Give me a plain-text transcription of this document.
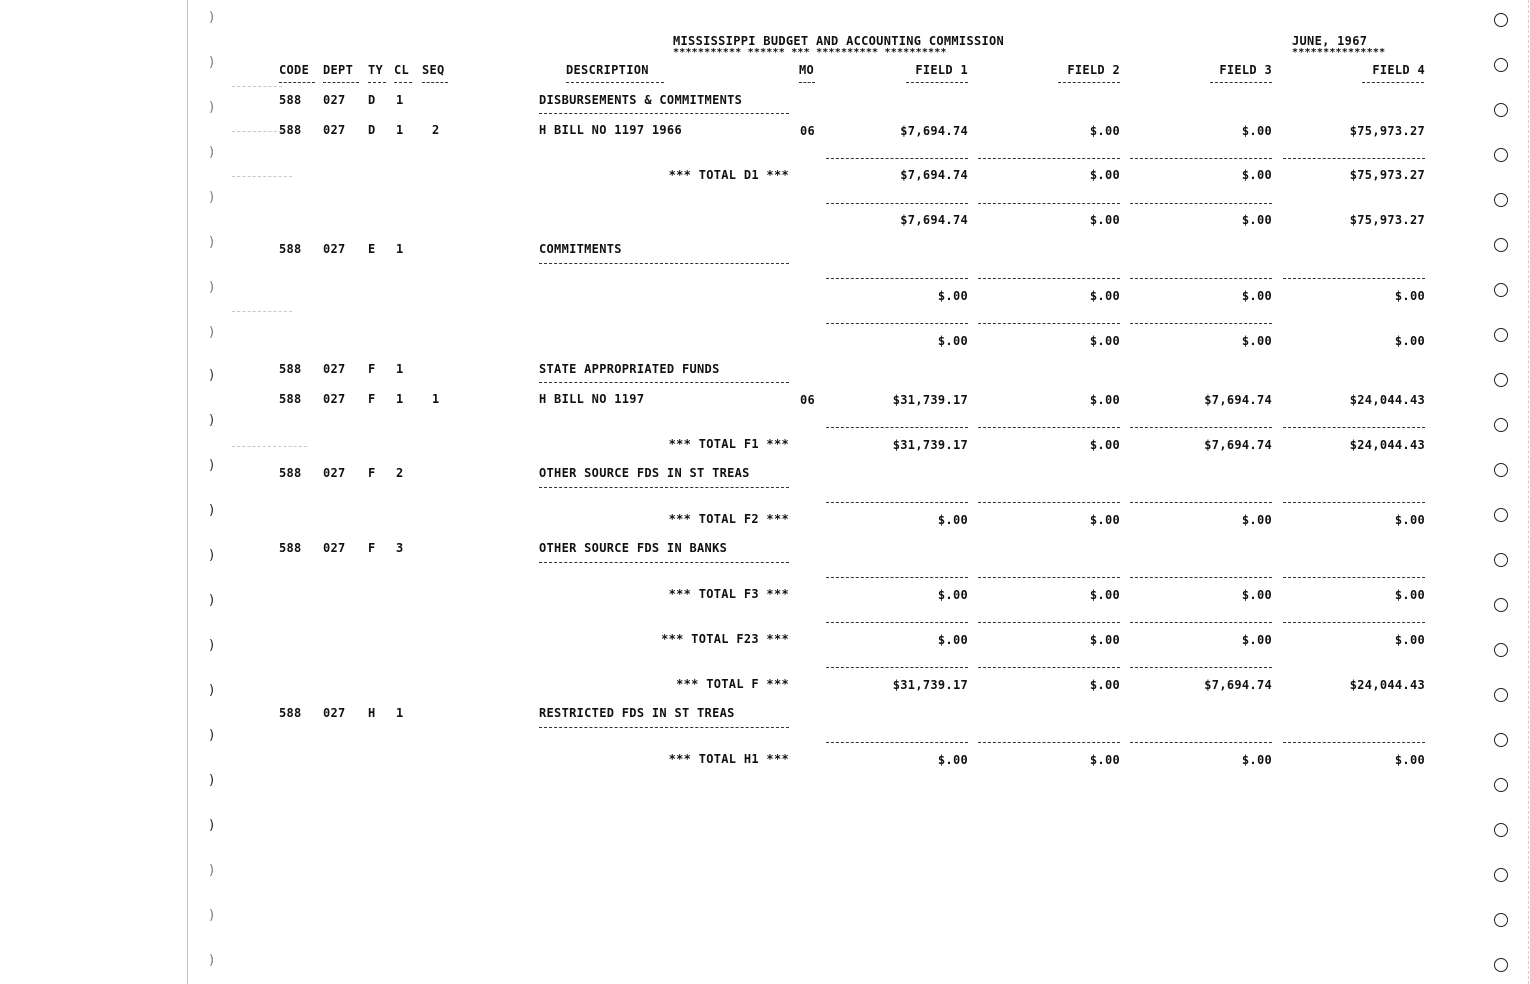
)
)
)
)
)
)
)
)
)
)
)
)
)
)
)
)
)
)
)
)
)
)
MISSISSIPPI BUDGET AND ACCOUNTING COMMISSION
*********** ****** *** ********** **********
JUNE, 1967
***************
CODE DEPT TY CL SEQ	DESCRIPTION	MO	FIELD 1	FIELD 2	FIELD 3	FIELD 4
588 027 D 1	DISBURSEMENTS & COMMITMENTS
588 027 D 1 2	H BILL NO 1197 1966	06	$7,694.74	$.00	$.00	$75,973.27
*** TOTAL D1 ***	$7,694.74	$.00	$.00	$75,973.27
$7,694.74	$.00	$.00	$75,973.27
588 027 E 1	COMMITMENTS
$.00	$.00	$.00	$.00
$.00	$.00	$.00	$.00
588 027 F 1	STATE APPROPRIATED FUNDS
588 027 F 1 1	H BILL NO 1197	06	$31,739.17	$.00	$7,694.74	$24,044.43
*** TOTAL F1 ***	$31,739.17	$.00	$7,694.74	$24,044.43
588 027 F 2	OTHER SOURCE FDS IN ST TREAS
*** TOTAL F2 ***	$.00	$.00	$.00	$.00
588 027 F 3	OTHER SOURCE FDS IN BANKS
*** TOTAL F3 ***	$.00	$.00	$.00	$.00
*** TOTAL F23 ***	$.00	$.00	$.00	$.00
*** TOTAL F ***	$31,739.17	$.00	$7,694.74	$24,044.43
588 027 H 1	RESTRICTED FDS IN ST TREAS
*** TOTAL H1 ***	$.00	$.00	$.00	$.00
